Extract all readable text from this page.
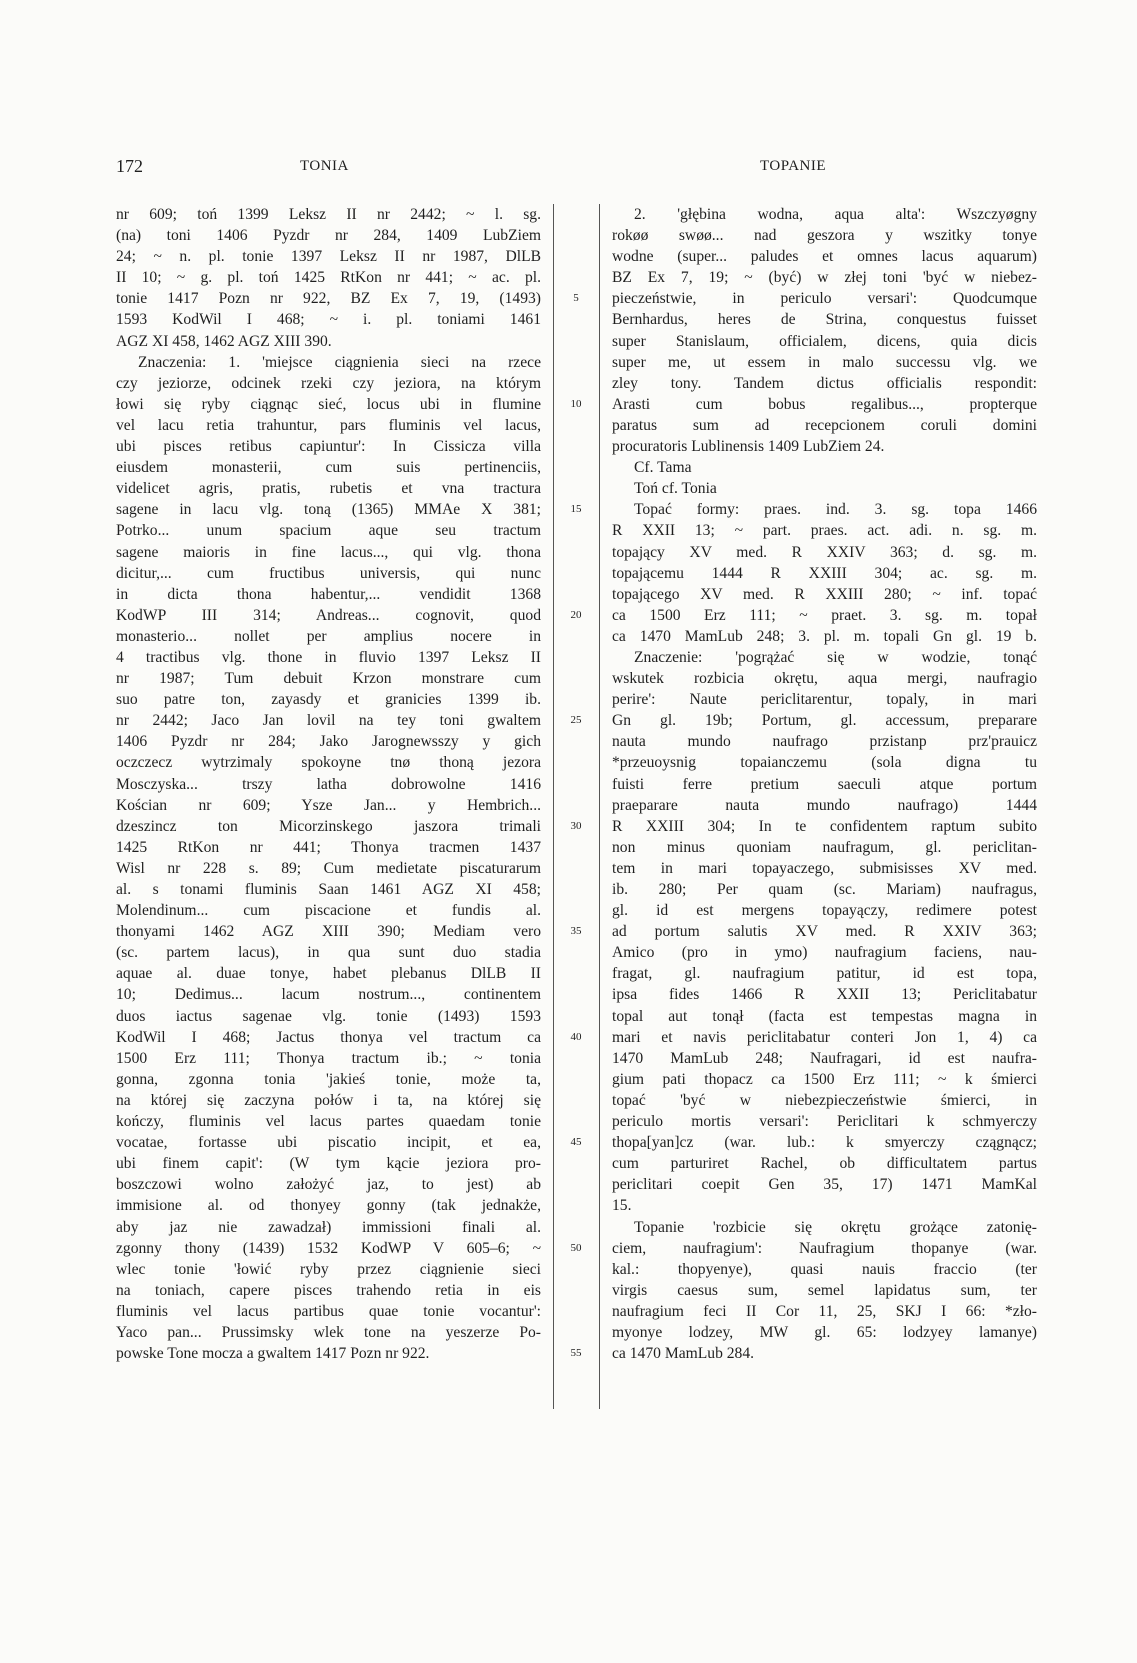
172	TONIA	TOPANIE
nr 609; toń 1399 Leksz II nr 2442; ~ l. sg.
(na) toni 1406 Pyzdr nr 284, 1409 LubZiem
24; ~ n. pl. tonie 1397 Leksz II nr 1987, DlLB
II 10; ~ g. pl. toń 1425 RtKon nr 441; ~ ac. pl.
tonie 1417 Pozn nr 922, BZ Ex 7, 19, (1493)
1593 KodWil I 468; ~ i. pl. toniami 1461
AGZ XI 458, 1462 AGZ XIII 390.
Znaczenia: 1. 'miejsce ciągnienia sieci na rzece
czy jeziorze, odcinek rzeki czy jeziora, na którym
łowi się ryby ciągnąc sieć, locus ubi in flumine
vel lacu retia trahuntur, pars fluminis vel lacus,
ubi pisces retibus capiuntur': In Cissicza villa
eiusdem monasterii, cum suis pertinenciis,
videlicet agris, pratis, rubetis et vna tractura
sagene in lacu vlg. toną (1365) MMAe X 381;
Potrko... unum spacium aque seu tractum
sagene maioris in fine lacus..., qui vlg. thona
dicitur,... cum fructibus universis, qui nunc
in dicta thona habentur,... vendidit 1368
KodWP III 314; Andreas... cognovit, quod
monasterio... nollet per amplius nocere in
4 tractibus vlg. thone in fluvio 1397 Leksz II
nr 1987; Tum debuit Krzon monstrare cum
suo patre ton, zayasdy et granicies 1399 ib.
nr 2442; Jaco Jan lovil na tey toni gwaltem
1406 Pyzdr nr 284; Jako Jarognewsszy y gich
oczczecz wytrzimaly spokoyne tnø thoną jezora
Mosczyska... trszy latha dobrowolne 1416
Kościan nr 609; Ysze Jan... y Hembrich...
dzeszincz ton Micorzinskego jaszora trimali
1425 RtKon nr 441; Thonya tracmen 1437
Wisl nr 228 s. 89; Cum medietate piscaturarum
al. s tonami fluminis Saan 1461 AGZ XI 458;
Molendinum... cum piscacione et fundis al.
thonyami 1462 AGZ XIII 390; Mediam vero
(sc. partem lacus), in qua sunt duo stadia
aquae al. duae tonye, habet plebanus DlLB II
10; Dedimus... lacum nostrum..., continentem
duos iactus sagenae vlg. tonie (1493) 1593
KodWil I 468; Jactus thonya vel tractum ca
1500 Erz 111; Thonya tractum ib.; ~ tonia
gonna, zgonna tonia 'jakieś tonie, może ta,
na której się zaczyna połów i ta, na której się
kończy, fluminis vel lacus partes quaedam tonie
vocatae, fortasse ubi piscatio incipit, et ea,
ubi finem capit': (W tym kącie jeziora pro-
boszczowi wolno założyć jaz, to jest) ab
immisione al. od thonyey gonny (tak jednakże,
aby jaz nie zawadzał) immissioni finali al.
zgonny thony (1439) 1532 KodWP V 605–6; ~
wlec tonie 'łowić ryby przez ciągnienie sieci
na toniach, capere pisces trahendo retia in eis
fluminis vel lacus partibus quae tonie vocantur':
Yaco pan... Prussimsky wlek tone na yeszerze Po-
powske Tone mocza a gwaltem 1417 Pozn nr 922.
5
10
15
20
25
30
35
40
45
50
55
2. 'głębina wodna, aqua alta': Wszczyøgny
rokøø swøø... nad geszora y wszitky tonye
wodne (super... paludes et omnes lacus aquarum)
BZ Ex 7, 19; ~ (być) w złej toni 'być w niebez-
pieczeństwie, in periculo versari': Quodcumque
Bernhardus, heres de Strina, conquestus fuisset
super Stanislaum, officialem, dicens, quia dicis
super me, ut essem in malo successu vlg. we
zley tony. Tandem dictus officialis respondit:
Arasti cum bobus regalibus..., propterque
paratus sum ad recepcionem coruli domini
procuratoris Lublinensis 1409 LubZiem 24.
Cf. Tama
Toń cf. Tonia
Topać formy: praes. ind. 3. sg. topa 1466
R XXII 13; ~ part. praes. act. adi. n. sg. m.
topający XV med. R XXIV 363; d. sg. m.
topającemu 1444 R XXIII 304; ac. sg. m.
topającego XV med. R XXIII 280; ~ inf. topać
ca 1500 Erz 111; ~ praet. 3. sg. m. topał
ca 1470 MamLub 248; 3. pl. m. topali Gn gl. 19 b.
Znaczenie: 'pogrążać się w wodzie, tonąć
wskutek rozbicia okrętu, aqua mergi, naufragio
perire': Naute periclitarentur, topaly, in mari
Gn gl. 19b; Portum, gl. accessum, preparare
nauta mundo naufrago przistanp prz'prauicz
*przeuoysnig topaianczemu (sola digna tu
fuisti ferre pretium saeculi atque portum
praeparare nauta mundo naufrago) 1444
R XXIII 304; In te confidentem raptum subito
non minus quoniam naufragum, gl. periclitan-
tem in mari topayaczego, submisisses XV med.
ib. 280; Per quam (sc. Mariam) naufragus,
gl. id est mergens topayączy, redimere potest
ad portum salutis XV med. R XXIV 363;
Amico (pro in ymo) naufragium faciens, nau-
fragat, gl. naufragium patitur, id est topa,
ipsa fides 1466 R XXII 13; Periclitabatur
topal aut tonął (facta est tempestas magna in
mari et navis periclitabatur conteri Jon 1, 4) ca
1470 MamLub 248; Naufragari, id est naufra-
gium pati thopacz ca 1500 Erz 111; ~ k śmierci
topać 'być w niebezpieczeństwie śmierci, in
periculo mortis versari': Periclitari k schmyerczy
thopa[yan]cz (war. lub.: k smyerczy czągnącz;
cum parturiret Rachel, ob difficultatem partus
periclitari coepit Gen 35, 17) 1471 MamKal
15.
Topanie 'rozbicie się okrętu grożące zatonię-
ciem, naufragium': Naufragium thopanye (war.
kal.: thopyenye), quasi nauis fraccio (ter
virgis caesus sum, semel lapidatus sum, ter
naufragium feci II Cor 11, 25, SKJ I 66: *zło-
myonye lodzey, MW gl. 65: lodzyey lamanye)
ca 1470 MamLub 284.
